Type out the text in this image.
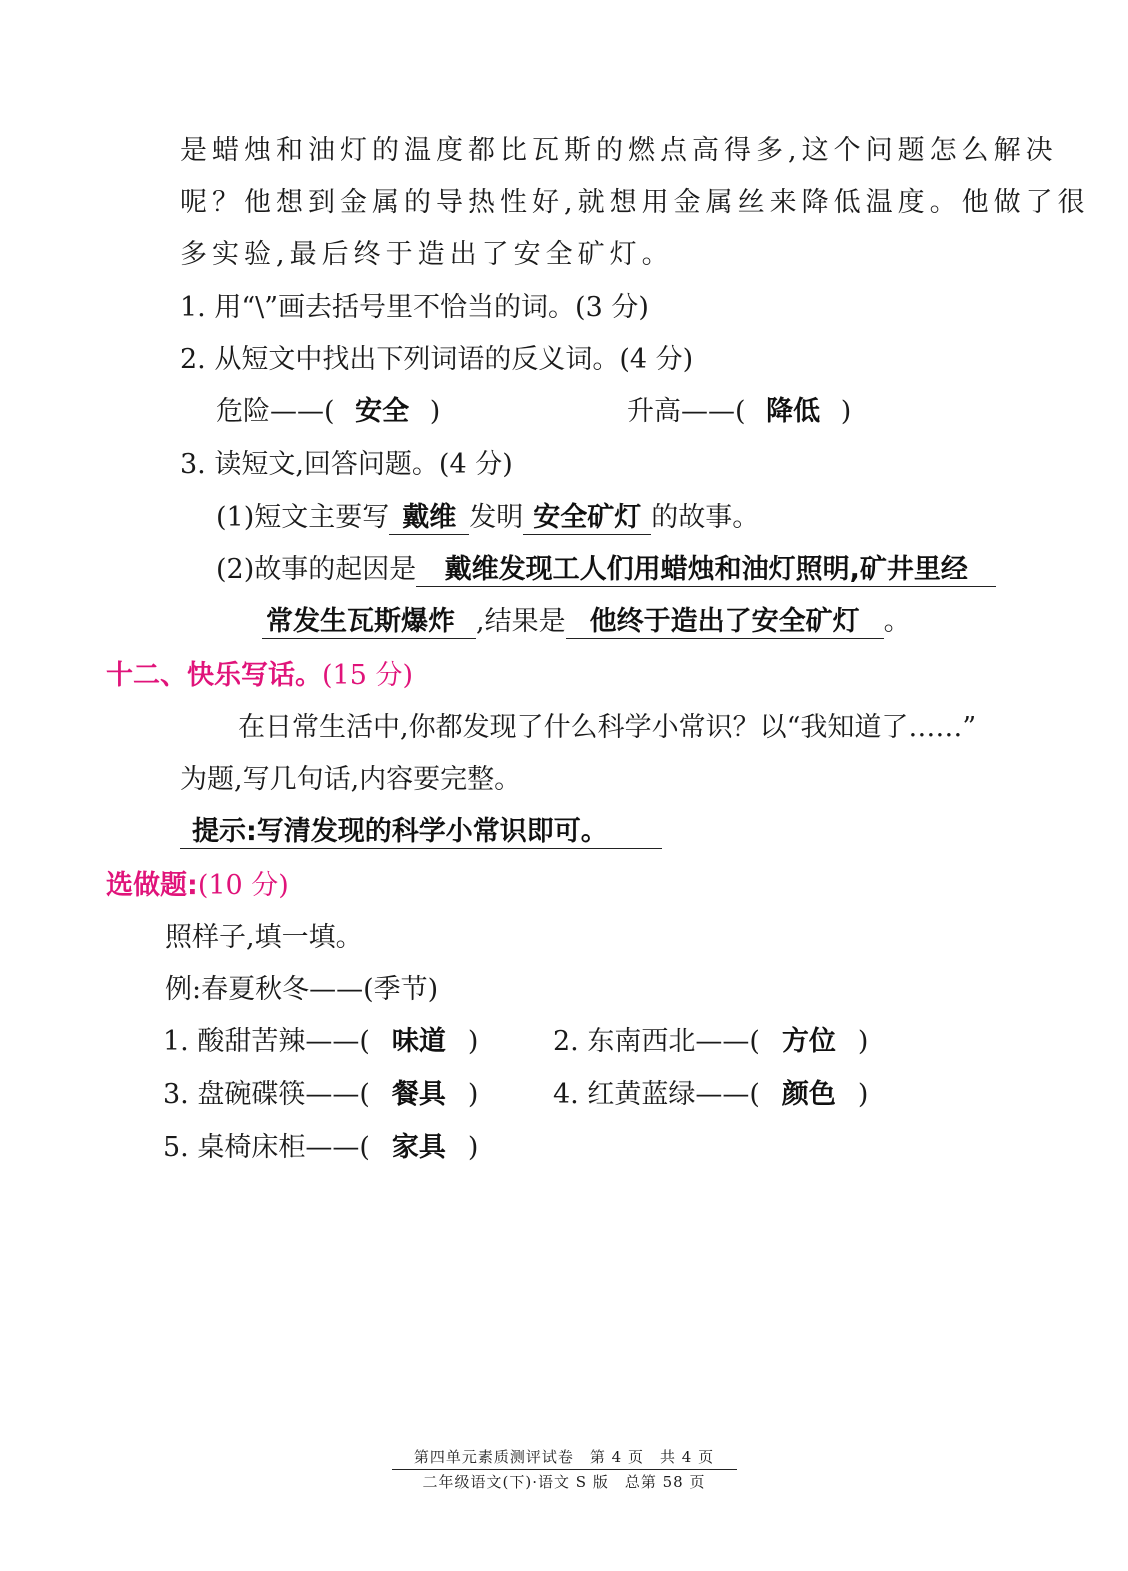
是蜡烛和油灯的温度都比瓦斯的燃点高得多,这个问题怎么解决
呢？他想到金属的导热性好,就想用金属丝来降低温度。他做了很
多实验,最后终于造出了安全矿灯。
1. 用“\”画去括号里不恰当的词。(3 分)
2. 从短文中找出下列词语的反义词。(4 分)
危险——( 安全 )	升高——( 降低 )
3. 读短文,回答问题。(4 分)
(1)短文主要写 戴维 发明 安全矿灯 的故事。
(2)故事的起因是 戴维发现工人们用蜡烛和油灯照明,矿井里经
常发生瓦斯爆炸 ,结果是 他终于造出了安全矿灯 。
十二、快乐写话。(15 分)
在日常生活中,你都发现了什么科学小常识？以“我知道了……”
为题,写几句话,内容要完整。
提示:写清发现的科学小常识即可。
选做题:(10 分)
照样子,填一填。
例:春夏秋冬——(季节)
1. 酸甜苦辣——( 味道 )	2. 东南西北——( 方位 )
3. 盘碗碟筷——( 餐具 )	4. 红黄蓝绿——( 颜色 )
5. 桌椅床柜——( 家具 )
第四单元素质测评试卷　第 4 页　共 4 页
二年级语文(下)·语文 S 版　总第 58 页
